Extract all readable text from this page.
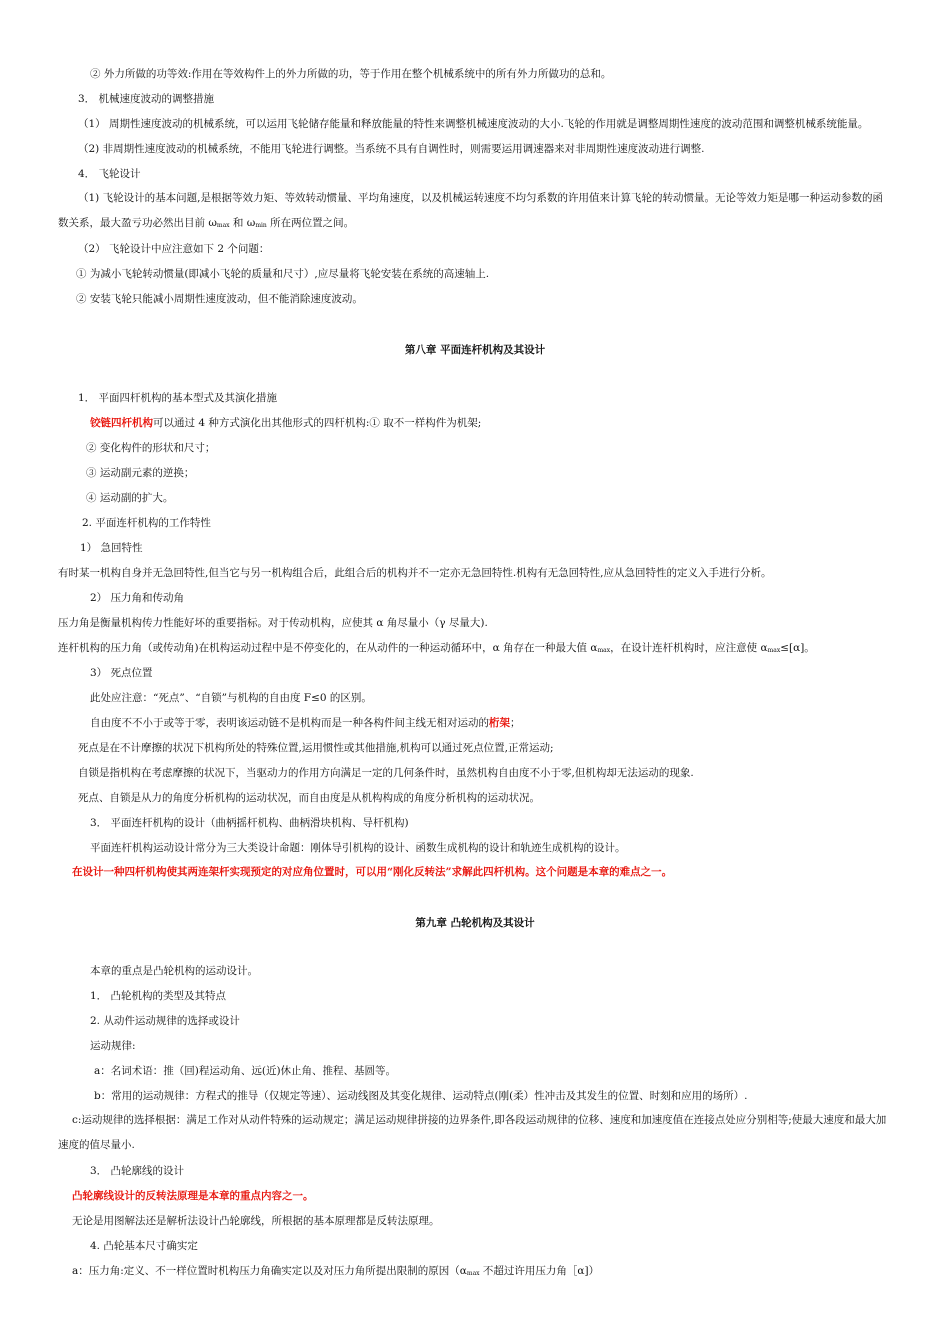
② 外力所做的功等效:作用在等效构件上的外力所做的功，等于作用在整个机械系统中的所有外力所做功的总和。
3． 机械速度波动的调整措施
（1） 周期性速度波动的机械系统，可以运用飞轮储存能量和释放能量的特性来调整机械速度波动的大小.飞轮的作用就是调整周期性速度的波动范围和调整机械系统能量。
（2) 非周期性速度波动的机械系统，不能用飞轮进行调整。当系统不具有自调性时，则需要运用调速器来对非周期性速度波动进行调整.
4． 飞轮设计
（1) 飞轮设计的基本问题,是根据等效力矩、等效转动惯量、平均角速度，以及机械运转速度不均匀系数的许用值来计算飞轮的转动惯量。无论等效力矩是哪一种运动参数的函数关系，最大盈亏功必然出目前 $\omega_{max}$ 和 $\omega_{min}$ 所在两位置之间。
（2） 飞轮设计中应注意如下 2 个问题：
① 为减小飞轮转动惯量(即减小飞轮的质量和尺寸）,应尽量将飞轮安装在系统的高速轴上.
② 安装飞轮只能减小周期性速度波动，但不能消除速度波动。
第八章 平面连杆机构及其设计
1． 平面四杆机构的基本型式及其演化措施
铰链四杆机构可以通过 4 种方式演化出其他形式的四杆机构:① 取不一样构件为机架;
② 变化构件的形状和尺寸；
③ 运动副元素的逆换；
④ 运动副的扩大。
2. 平面连杆机构的工作特性
1） 急回特性
有时某一机构自身并无急回特性,但当它与另一机构组合后，此组合后的机构并不一定亦无急回特性.机构有无急回特性,应从急回特性的定义入手进行分析。
2） 压力角和传动角
压力角是衡量机构传力性能好坏的重要指标。对于传动机构，应使其 α 角尽量小（γ 尽量大).
连杆机构的压力角（或传动角)在机构运动过程中是不停变化的，在从动件的一种运动循环中，α 角存在一种最大值 $\alpha_{max}$，在设计连杆机构时，应注意使 $\alpha_{max}\le[\alpha]$。
3） 死点位置
此处应注意：“死点”、“自锁”与机构的自由度 F≤0 的区别。
自由度不不小于或等于零，表明该运动链不是机构而是一种各构件间主线无相对运动的桁架；
死点是在不计摩擦的状况下机构所处的特殊位置,运用惯性或其他措施,机构可以通过死点位置,正常运动;
自锁是指机构在考虑摩擦的状况下，当驱动力的作用方向满足一定的几何条件时，虽然机构自由度不小于零,但机构却无法运动的现象.
死点、自锁是从力的角度分析机构的运动状况，而自由度是从机构构成的角度分析机构的运动状况。
3． 平面连杆机构的设计（曲柄摇杆机构、曲柄滑块机构、导杆机构)
平面连杆机构运动设计常分为三大类设计命题：刚体导引机构的设计、函数生成机构的设计和轨迹生成机构的设计。
在设计一种四杆机构使其两连架杆实现预定的对应角位置时，可以用“刚化反转法”求解此四杆机构。这个问题是本章的难点之一。
第九章 凸轮机构及其设计
本章的重点是凸轮机构的运动设计。
1． 凸轮机构的类型及其特点
2. 从动件运动规律的选择或设计
运动规律:
a：名词术语：推（回)程运动角、远(近)休止角、推程、基圆等。
b：常用的运动规律：方程式的推导（仅规定等速）、运动线图及其变化规律、运动特点(刚(柔）性冲击及其发生的位置、时刻和应用的场所）.
c:运动规律的选择根据：满足工作对从动件特殊的运动规定；满足运动规律拼接的边界条件,即各段运动规律的位移、速度和加速度值在连接点处应分别相等;使最大速度和最大加速度的值尽量小.
3． 凸轮廓线的设计
凸轮廓线设计的反转法原理是本章的重点内容之一。
无论是用图解法还是解析法设计凸轮廓线，所根据的基本原理都是反转法原理。
4. 凸轮基本尺寸确实定
a：压力角:定义、不一样位置时机构压力角确实定以及对压力角所提出限制的原因（$\alpha_{max}$ 不超过许用压力角［α]）
